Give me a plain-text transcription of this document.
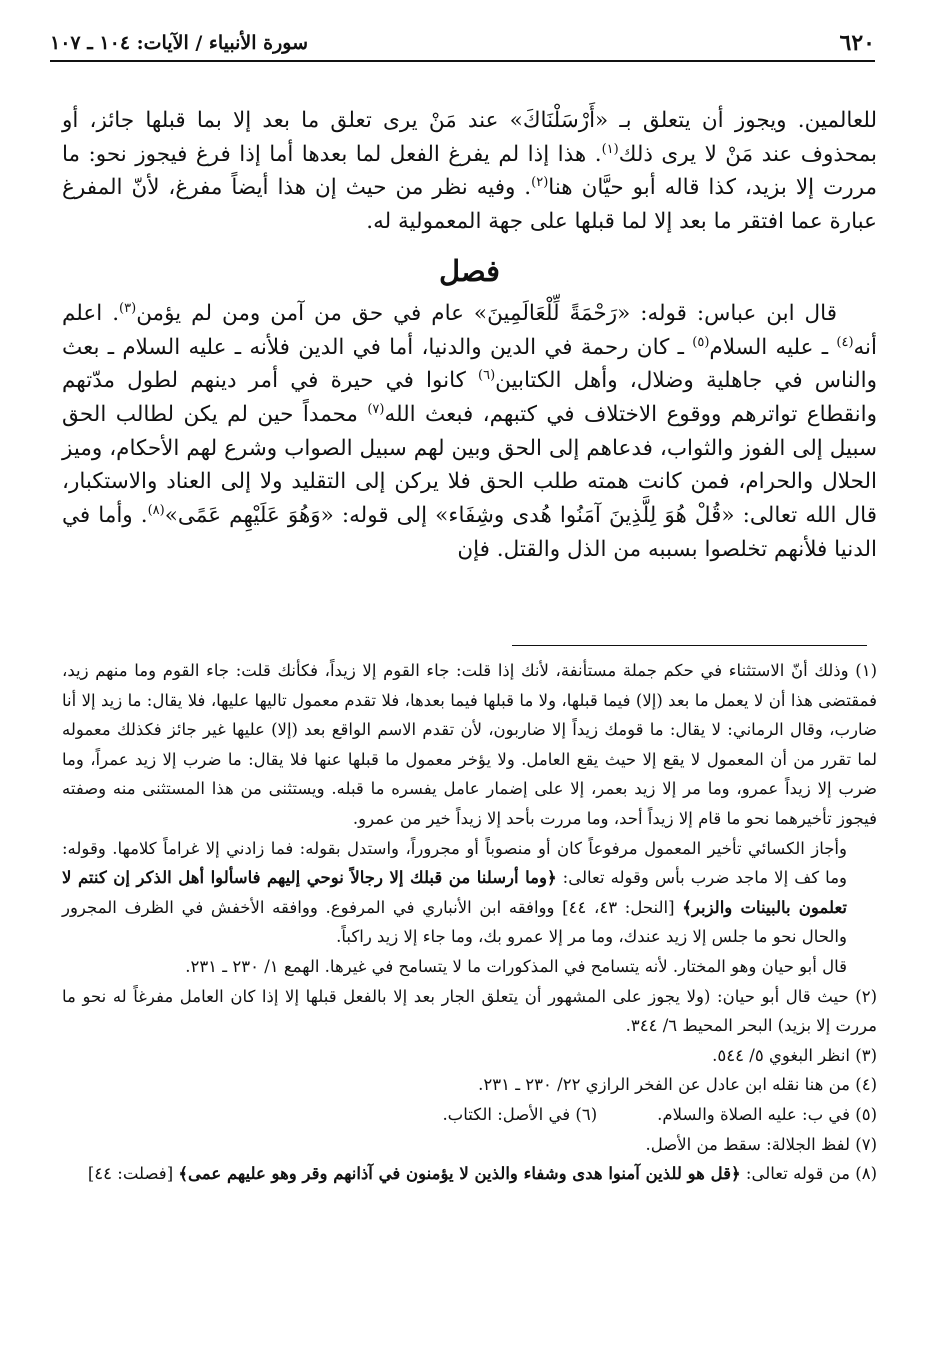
٦٢٠
سورة الأنبياء / الآيات: ١٠٤ ـ ١٠٧

للعالمين. ويجوز أن يتعلق بـ «أَرْسَلْنَاكَ» عند مَنْ يرى تعلق ما بعد إلا بما قبلها جائز، أو بمحذوف عند مَنْ لا يرى ذلك$^{(١)}$. هذا إذا لم يفرغ الفعل لما بعدها أما إذا فرغ فيجوز نحو: ما مررت إلا بزيد، كذا قاله أبو حيَّان هنا$^{(٢)}$. وفيه نظر من حيث إن هذا أيضاً مفرغ، لأنّ المفرغ عبارة عما افتقر ما بعد إلا لما قبلها على جهة المعمولية له.

فصل

قال ابن عباس: قوله: «رَحْمَةً لِّلْعَالَمِينَ» عام في حق من آمن ومن لم يؤمن$^{(٣)}$. اعلم أنه$^{(٤)}$ ـ عليه السلام$^{(٥)}$ ـ كان رحمة في الدين والدنيا، أما في الدين فلأنه ـ عليه السلام ـ بعث والناس في جاهلية وضلال، وأهل الكتابين$^{(٦)}$ كانوا في حيرة في أمر دينهم لطول مدّتهم وانقطاع تواترهم ووقوع الاختلاف في كتبهم، فبعث الله$^{(٧)}$ محمداً حين لم يكن لطالب الحق سبيل إلى الفوز والثواب، فدعاهم إلى الحق وبين لهم سبيل الصواب وشرع لهم الأحكام، وميز الحلال والحرام، فمن كانت همته طلب الحق فلا يركن إلى التقليد ولا إلى العناد والاستكبار، قال الله تعالى: «قُلْ هُوَ لِلَّذِينَ آمَنُوا هُدى وشِفَاء» إلى قوله: «وَهُوَ عَلَيْهِم عَمًى»$^{(٨)}$. وأما في الدنيا فلأنهم تخلصوا بسببه من الذل والقتل. فإن

(١) وذلك أنّ الاستثناء في حكم جملة مستأنفة، لأنك إذا قلت: جاء القوم إلا زيداً، فكأنك قلت: جاء القوم وما منهم زيد، فمقتضى هذا أن لا يعمل ما بعد (إلا) فيما قبلها، ولا ما قبلها فيما بعدها، فلا تقدم معمول تاليها عليها، فلا يقال: ما زيد إلا أنا ضارب، وقال الرماني: لا يقال: ما قومك زيداً إلا ضاربون، لأن تقدم الاسم الواقع بعد (إلا) عليها غير جائز فكذلك معموله لما تقرر من أن المعمول لا يقع إلا حيث يقع العامل. ولا يؤخر معمول ما قبلها عنها فلا يقال: ما ضرب إلا زيد عمراً، وما ضرب إلا زيداً عمرو، وما مر إلا زيد بعمر، إلا على إضمار عامل يفسره ما قبله. ويستثنى من هذا المستثنى منه وصفته فيجوز تأخيرهما نحو ما قام إلا زيداً أحد، وما مررت بأحد إلا زيداً خير من عمرو.

وأجاز الكسائي تأخير المعمول مرفوعاً كان أو منصوباً أو مجروراً، واستدل بقوله: فما زادني إلا غراماً كلامها. وقوله: وما كف إلا ماجد ضرب بأس وقوله تعالى: ﴿وما أرسلنا من قبلك إلا رجالاً نوحي إليهم فاسألوا أهل الذكر إن كنتم لا تعلمون بالبينات والزبر﴾ [النحل: ٤٣، ٤٤] ووافقه ابن الأنباري في المرفوع. ووافقه الأخفش في الظرف المجرور والحال نحو ما جلس إلا زيد عندك، وما مر إلا عمرو بك، وما جاء إلا زيد راكباً.

قال أبو حيان وهو المختار. لأنه يتسامح في المذكورات ما لا يتسامح في غيرها. الهمع ١/ ٢٣٠ ـ ٢٣١.

(٢) حيث قال أبو حيان: (ولا يجوز على المشهور أن يتعلق الجار بعد إلا بالفعل قبلها إلا إذا كان العامل مفرغاً له نحو ما مررت إلا بزيد) البحر المحيط ٦/ ٣٤٤.

(٣) انظر البغوي ٥/ ٥٤٤.

(٤) من هنا نقله ابن عادل عن الفخر الرازي ٢٢/ ٢٣٠ ـ ٢٣١.

(٥) في ب: عليه الصلاة والسلام.
(٦) في الأصل: الكتاب.

(٧) لفظ الجلالة: سقط من الأصل.

(٨) من قوله تعالى: ﴿قل هو للذين آمنوا هدى وشفاء والذين لا يؤمنون في آذانهم وقر وهو عليهم عمى﴾ [فصلت: ٤٤]
